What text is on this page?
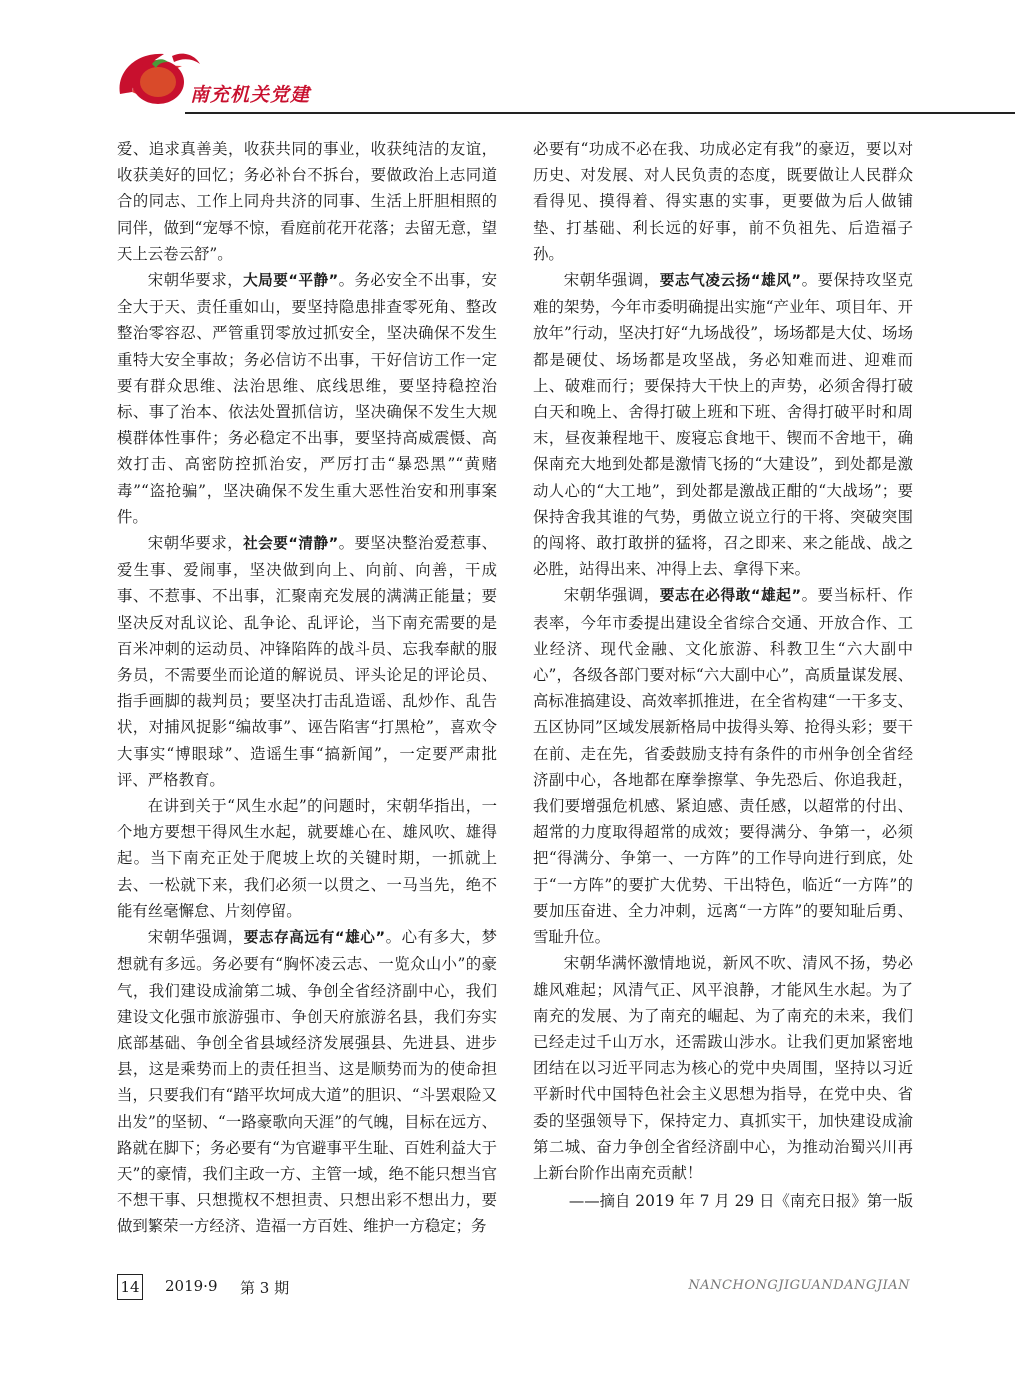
南充机关党建

爱、追求真善美，收获共同的事业，收获纯洁的友谊，收获美好的回忆；务必补台不拆台，要做政治上志同道合的同志、工作上同舟共济的同事、生活上肝胆相照的同伴，做到“宠辱不惊，看庭前花开花落；去留无意，望天上云卷云舒”。

宋朝华要求，大局要“平静”。务必安全不出事，安全大于天、责任重如山，要坚持隐患排查零死角、整改整治零容忍、严管重罚零放过抓安全，坚决确保不发生重特大安全事故；务必信访不出事，干好信访工作一定要有群众思维、法治思维、底线思维，要坚持稳控治标、事了治本、依法处置抓信访，坚决确保不发生大规模群体性事件；务必稳定不出事，要坚持高威震慑、高效打击、高密防控抓治安，严厉打击“暴恐黑”“黄赌毒”“盗抢骗”，坚决确保不发生重大恶性治安和刑事案件。

宋朝华要求，社会要“清静”。要坚决整治爱惹事、爱生事、爱闹事，坚决做到向上、向前、向善，干成事、不惹事、不出事，汇聚南充发展的满满正能量；要坚决反对乱议论、乱争论、乱评论，当下南充需要的是百米冲刺的运动员、冲锋陷阵的战斗员、忘我奉献的服务员，不需要坐而论道的解说员、评头论足的评论员、指手画脚的裁判员；要坚决打击乱造谣、乱炒作、乱告状，对捕风捉影“编故事”、诬告陷害“打黑枪”，喜欢令大事实“博眼球”、造谣生事“搞新闻”，一定要严肃批评、严格教育。

在讲到关于“风生水起”的问题时，宋朝华指出，一个地方要想干得风生水起，就要雄心在、雄风吹、雄得起。当下南充正处于爬坡上坎的关键时期，一抓就上去、一松就下来，我们必须一以贯之、一马当先，绝不能有丝毫懈怠、片刻停留。

宋朝华强调，要志存高远有“雄心”。心有多大，梦想就有多远。务必要有“胸怀凌云志、一览众山小”的豪气，我们建设成渝第二城、争创全省经济副中心，我们建设文化强市旅游强市、争创天府旅游名县，我们夯实底部基础、争创全省县域经济发展强县、先进县、进步县，这是乘势而上的责任担当、这是顺势而为的使命担当，只要我们有“踏平坎坷成大道”的胆识、“斗罢艰险又出发”的坚韧、“一路豪歌向天涯”的气魄，目标在远方、路就在脚下；务必要有“为官避事平生耻、百姓利益大于天”的豪情，我们主政一方、主管一域，绝不能只想当官不想干事、只想揽权不想担责、只想出彩不想出力，要做到繁荣一方经济、造福一方百姓、维护一方稳定；务

必要有“功成不必在我、功成必定有我”的豪迈，要以对历史、对发展、对人民负责的态度，既要做让人民群众看得见、摸得着、得实惠的实事，更要做为后人做铺垫、打基础、利长远的好事，前不负祖先、后造福子孙。

宋朝华强调，要志气凌云扬“雄风”。要保持攻坚克难的架势，今年市委明确提出实施“产业年、项目年、开放年”行动，坚决打好“九场战役”，场场都是大仗、场场都是硬仗、场场都是攻坚战，务必知难而进、迎难而上、破难而行；要保持大干快上的声势，必须舍得打破白天和晚上、舍得打破上班和下班、舍得打破平时和周末，昼夜兼程地干、废寝忘食地干、锲而不舍地干，确保南充大地到处都是激情飞扬的“大建设”，到处都是激动人心的“大工地”，到处都是激战正酣的“大战场”；要保持舍我其谁的气势，勇做立说立行的干将、突破突围的闯将、敢打敢拼的猛将，召之即来、来之能战、战之必胜，站得出来、冲得上去、拿得下来。

宋朝华强调，要志在必得敢“雄起”。要当标杆、作表率，今年市委提出建设全省综合交通、开放合作、工业经济、现代金融、文化旅游、科教卫生“六大副中心”，各级各部门要对标“六大副中心”，高质量谋发展、高标准搞建设、高效率抓推进，在全省构建“一干多支、五区协同”区域发展新格局中拔得头筹、抢得头彩；要干在前、走在先，省委鼓励支持有条件的市州争创全省经济副中心，各地都在摩拳擦掌、争先恐后、你追我赶，我们要增强危机感、紧迫感、责任感，以超常的付出、超常的力度取得超常的成效；要得满分、争第一，必须把“得满分、争第一、一方阵”的工作导向进行到底，处于“一方阵”的要扩大优势、干出特色，临近“一方阵”的要加压奋进、全力冲刺，远离“一方阵”的要知耻后勇、雪耻升位。

宋朝华满怀激情地说，新风不吹、清风不扬，势必雄风难起；风清气正、风平浪静，才能风生水起。为了南充的发展、为了南充的崛起、为了南充的未来，我们已经走过千山万水，还需跋山涉水。让我们更加紧密地团结在以习近平同志为核心的党中央周围，坚持以习近平新时代中国特色社会主义思想为指导，在党中央、省委的坚强领导下，保持定力、真抓实干，加快建设成渝第二城、奋力争创全省经济副中心，为推动治蜀兴川再上新台阶作出南充贡献！

——摘自 2019 年 7 月 29 日《南充日报》第一版

14 2019·9 第 3 期	NANCHONGJIGUANDANGJIAN
